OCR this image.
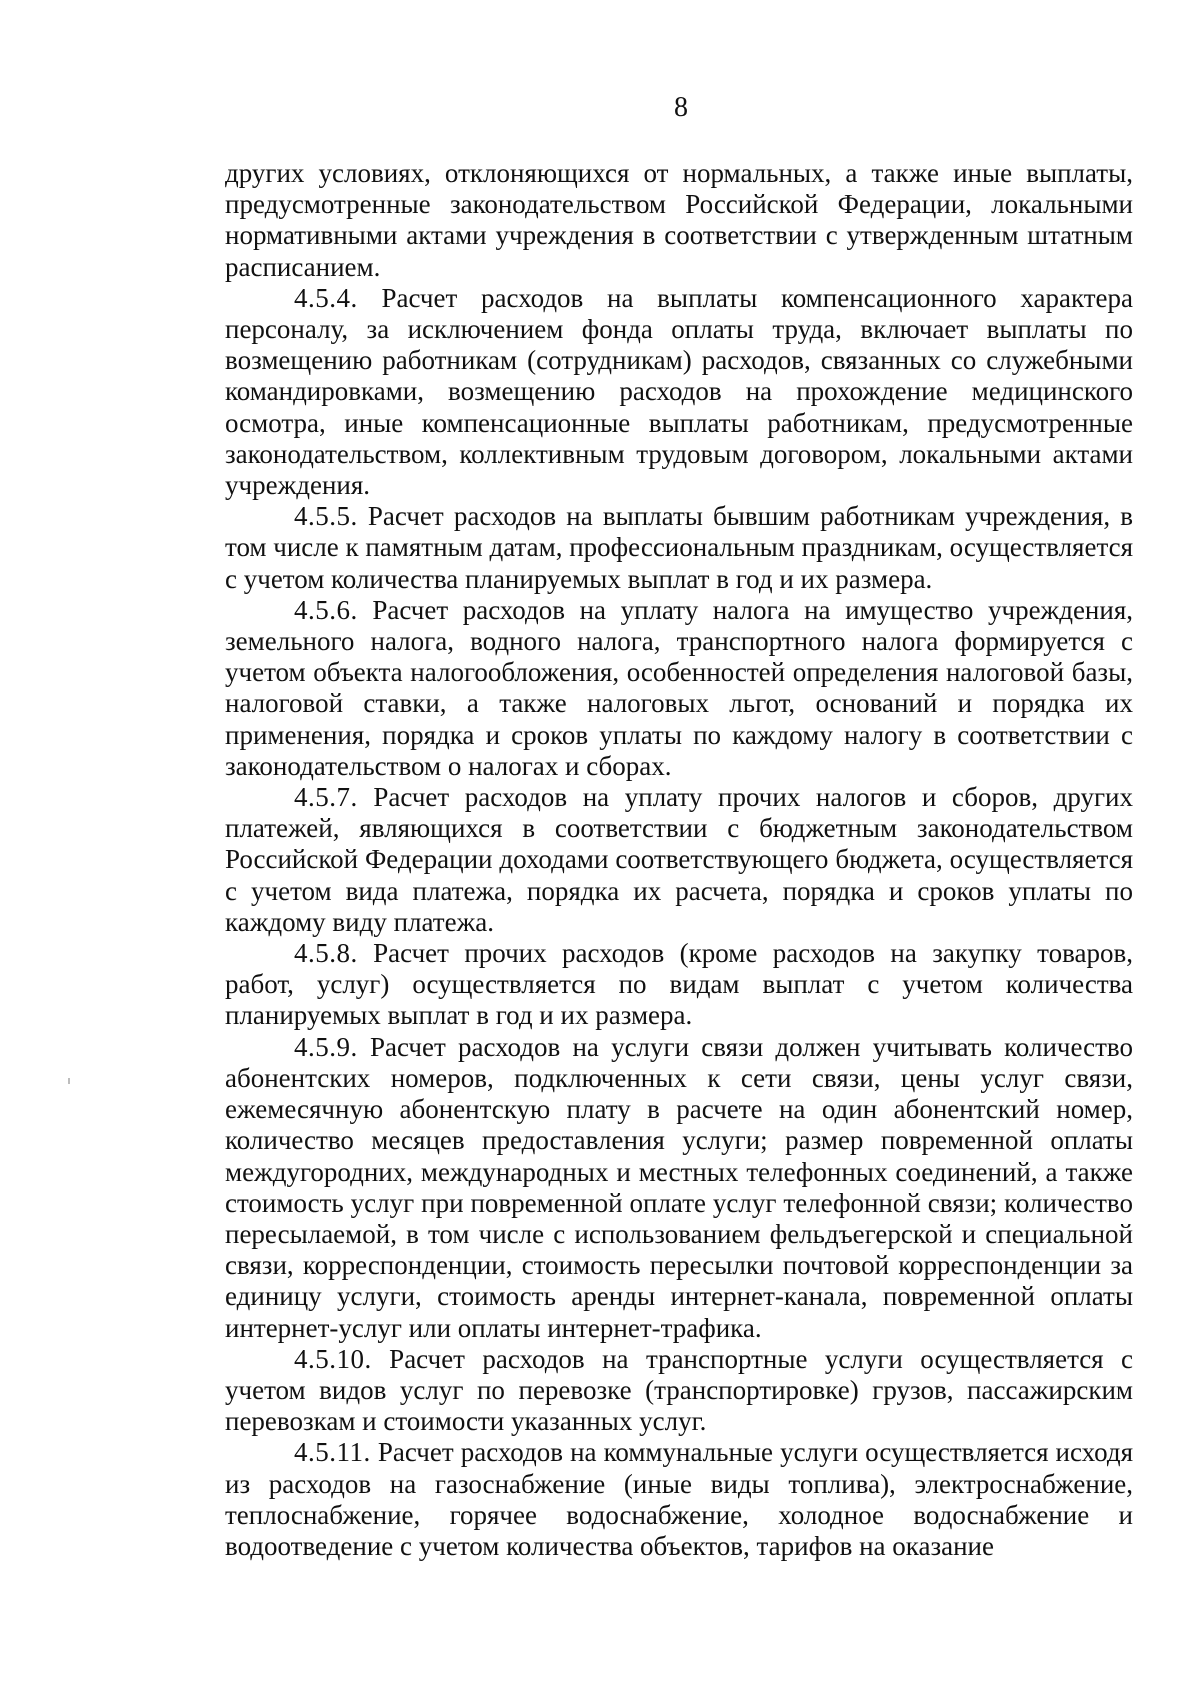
8

других условиях, отклоняющихся от нормальных, а также иные выплаты, предусмотренные законодательством Российской Федерации, локальными нормативными актами учреждения в соответствии с утвержденным штатным расписанием.

4.5.4. Расчет расходов на выплаты компенсационного характера персоналу, за исключением фонда оплаты труда, включает выплаты по возмещению работникам (сотрудникам) расходов, связанных со служебными командировками, возмещению расходов на прохождение медицинского осмотра, иные компенсационные выплаты работникам, предусмотренные законодательством, коллективным трудовым договором, локальными актами учреждения.

4.5.5. Расчет расходов на выплаты бывшим работникам учреждения, в том числе к памятным датам, профессиональным праздникам, осуществляется с учетом количества планируемых выплат в год и их размера.

4.5.6. Расчет расходов на уплату налога на имущество учреждения, земельного налога, водного налога, транспортного налога формируется с учетом объекта налогообложения, особенностей определения налоговой базы, налоговой ставки, а также налоговых льгот, оснований и порядка их применения, порядка и сроков уплаты по каждому налогу в соответствии с законодательством о налогах и сборах.

4.5.7. Расчет расходов на уплату прочих налогов и сборов, других платежей, являющихся в соответствии с бюджетным законодательством Российской Федерации доходами соответствующего бюджета, осуществляется с учетом вида платежа, порядка их расчета, порядка и сроков уплаты по каждому виду платежа.

4.5.8. Расчет прочих расходов (кроме расходов на закупку товаров, работ, услуг) осуществляется по видам выплат с учетом количества планируемых выплат в год и их размера.

4.5.9. Расчет расходов на услуги связи должен учитывать количество абонентских номеров, подключенных к сети связи, цены услуг связи, ежемесячную абонентскую плату в расчете на один абонентский номер, количество месяцев предоставления услуги; размер повременной оплаты междугородних, международных и местных телефонных соединений, а также стоимость услуг при повременной оплате услуг телефонной связи; количество пересылаемой, в том числе с использованием фельдъегерской и специальной связи, корреспонденции, стоимость пересылки почтовой корреспонденции за единицу услуги, стоимость аренды интернет-канала, повременной оплаты интернет-услуг или оплаты интернет-трафика.

4.5.10. Расчет расходов на транспортные услуги осуществляется с учетом видов услуг по перевозке (транспортировке) грузов, пассажирским перевозкам и стоимости указанных услуг.

4.5.11. Расчет расходов на коммунальные услуги осуществляется исходя из расходов на газоснабжение (иные виды топлива), электроснабжение, теплоснабжение, горячее водоснабжение, холодное водоснабжение и водоотведение с учетом количества объектов, тарифов на оказание
